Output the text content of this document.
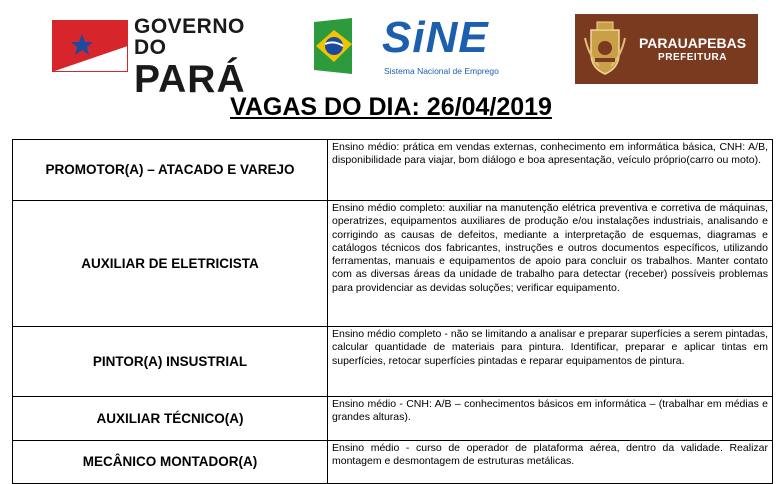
GOVERNO DO
PARÁ
SiNE
Sistema Nacional de Emprego
PARAUAPEBAS
PREFEITURA
VAGAS DO DIA: 26/04/2019
PROMOTOR(A) – ATACADO E VAREJO	Ensino médio: prática em vendas externas, conhecimento em informática básica, CNH: A/B, disponibilidade para viajar, bom diálogo e boa apresentação, veículo próprio(carro ou moto).
AUXILIAR DE ELETRICISTA	Ensino médio completo: auxiliar na manutenção elétrica preventiva e corretiva de máquinas, operatrizes, equipamentos auxiliares de produção e/ou instalações industriais, analisando e corrigindo as causas de defeitos, mediante a interpretação de esquemas, diagramas e catálogos técnicos dos fabricantes, instruções e outros documentos específicos, utilizando ferramentas, manuais e equipamentos de apoio para concluir os trabalhos. Manter contato com as diversas áreas da unidade de trabalho para detectar (receber) possíveis problemas para providenciar as devidas soluções; verificar equipamento.
PINTOR(A) INSUSTRIAL	Ensino médio completo - não se limitando a analisar e preparar superfícies a serem pintadas, calcular quantidade de materiais para pintura. Identificar, preparar e aplicar tintas em superfícies, retocar superfícies pintadas e reparar equipamentos de pintura.
AUXILIAR TÉCNICO(A)	Ensino médio - CNH: A/B – conhecimentos básicos em informática – (trabalhar em médias e grandes alturas).
MECÂNICO MONTADOR(A)	Ensino médio - curso de operador de plataforma aérea, dentro da validade. Realizar montagem e desmontagem de estruturas metálicas.
